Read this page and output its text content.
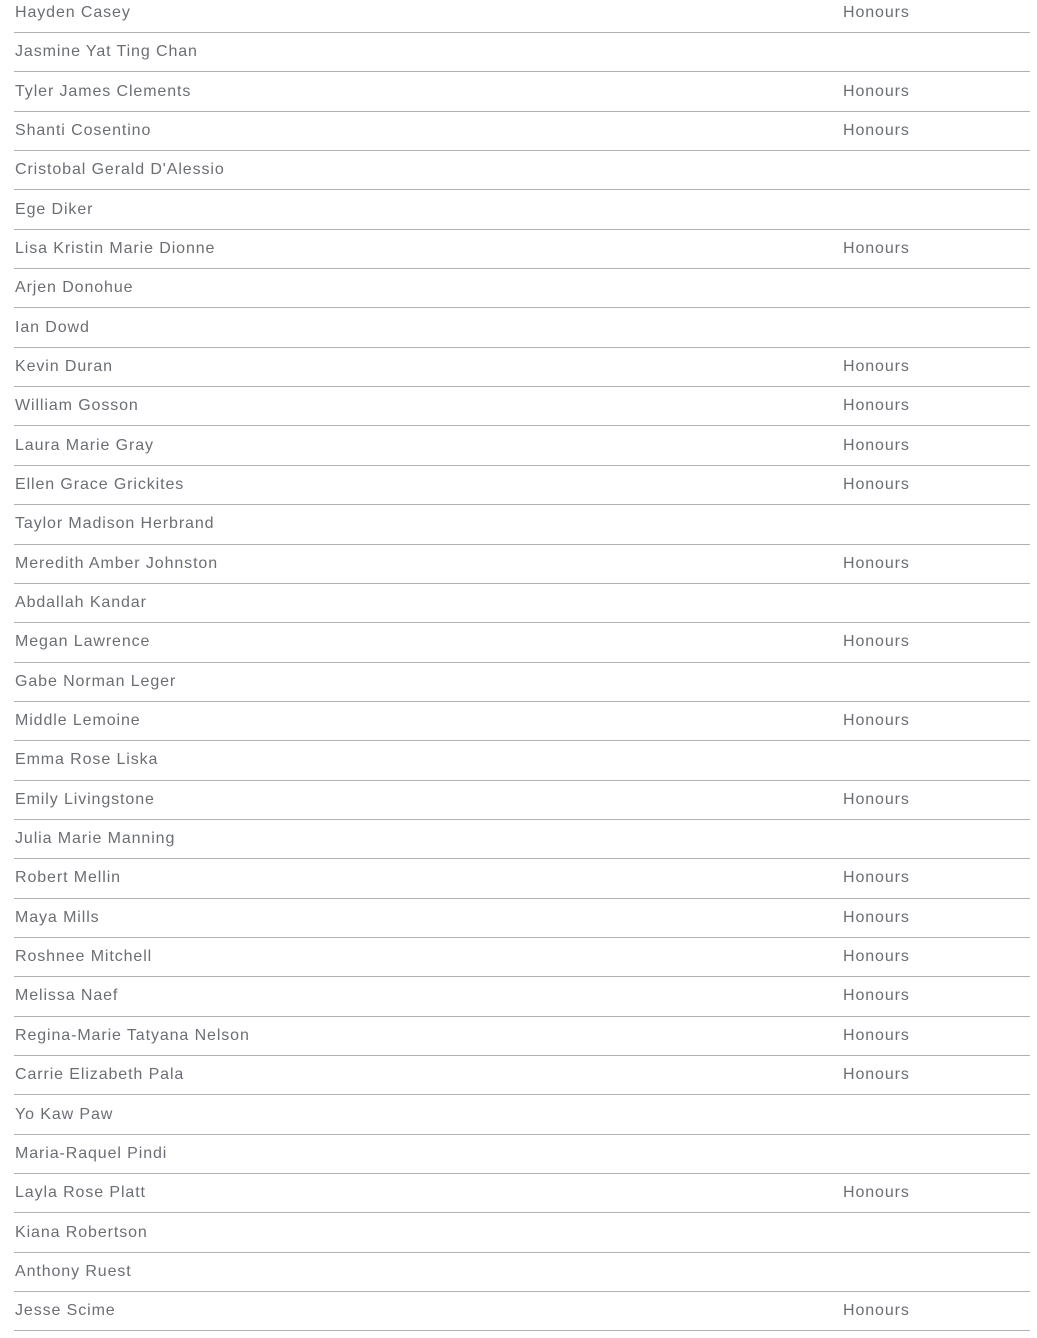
Hayden Casey	Honours
Jasmine Yat Ting Chan
Tyler James Clements	Honours
Shanti Cosentino	Honours
Cristobal Gerald D'Alessio
Ege Diker
Lisa Kristin Marie Dionne	Honours
Arjen Donohue
Ian Dowd
Kevin Duran	Honours
William Gosson	Honours
Laura Marie Gray	Honours
Ellen Grace Grickites	Honours
Taylor Madison Herbrand
Meredith Amber Johnston	Honours
Abdallah Kandar
Megan Lawrence	Honours
Gabe Norman Leger
Middle Lemoine	Honours
Emma Rose Liska
Emily Livingstone	Honours
Julia Marie Manning
Robert Mellin	Honours
Maya Mills	Honours
Roshnee Mitchell	Honours
Melissa Naef	Honours
Regina-Marie Tatyana Nelson	Honours
Carrie Elizabeth Pala	Honours
Yo Kaw Paw
Maria-Raquel Pindi
Layla Rose Platt	Honours
Kiana Robertson
Anthony Ruest
Jesse Scime	Honours
